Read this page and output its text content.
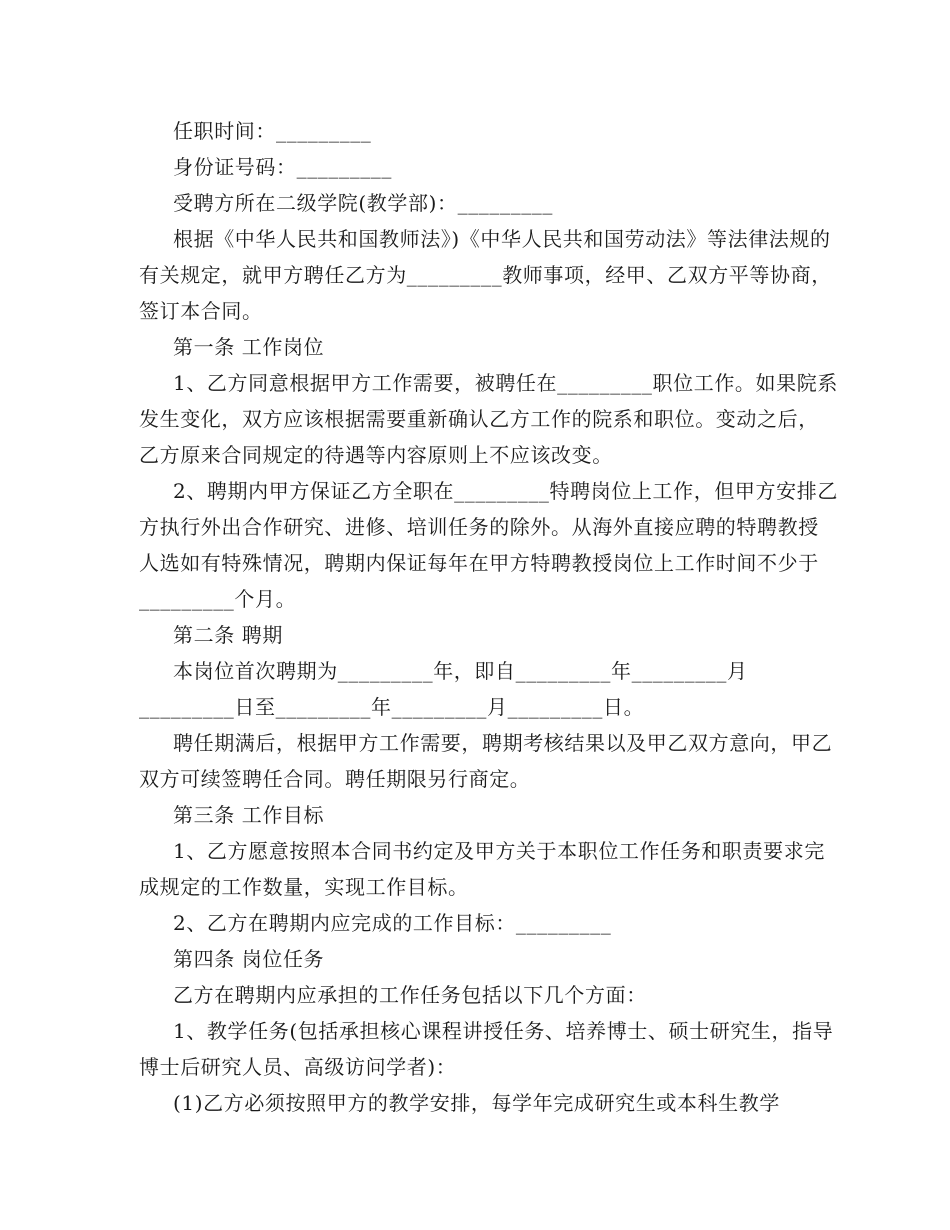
任职时间：_________

身份证号码：_________

受聘方所在二级学院(教学部)：_________

根据《中华人民共和国教师法》)《中华人民共和国劳动法》等法律法规的有关规定，就甲方聘任乙方为_________教师事项，经甲、乙双方平等协商，签订本合同。

第一条 工作岗位

1、乙方同意根据甲方工作需要，被聘任在_________职位工作。如果院系发生变化，双方应该根据需要重新确认乙方工作的院系和职位。变动之后，乙方原来合同规定的待遇等内容原则上不应该改变。

2、聘期内甲方保证乙方全职在_________特聘岗位上工作，但甲方安排乙方执行外出合作研究、进修、培训任务的除外。从海外直接应聘的特聘教授人选如有特殊情况，聘期内保证每年在甲方特聘教授岗位上工作时间不少于_________个月。

第二条 聘期

本岗位首次聘期为_________年，即自_________年_________月_________日至_________年_________月_________日。

聘任期满后，根据甲方工作需要，聘期考核结果以及甲乙双方意向，甲乙双方可续签聘任合同。聘任期限另行商定。

第三条 工作目标

1、乙方愿意按照本合同书约定及甲方关于本职位工作任务和职责要求完成规定的工作数量，实现工作目标。

2、乙方在聘期内应完成的工作目标：_________

第四条 岗位任务

乙方在聘期内应承担的工作任务包括以下几个方面：

1、教学任务(包括承担核心课程讲授任务、培养博士、硕士研究生，指导博士后研究人员、高级访问学者)：

(1)乙方必须按照甲方的教学安排，每学年完成研究生或本科生教学
